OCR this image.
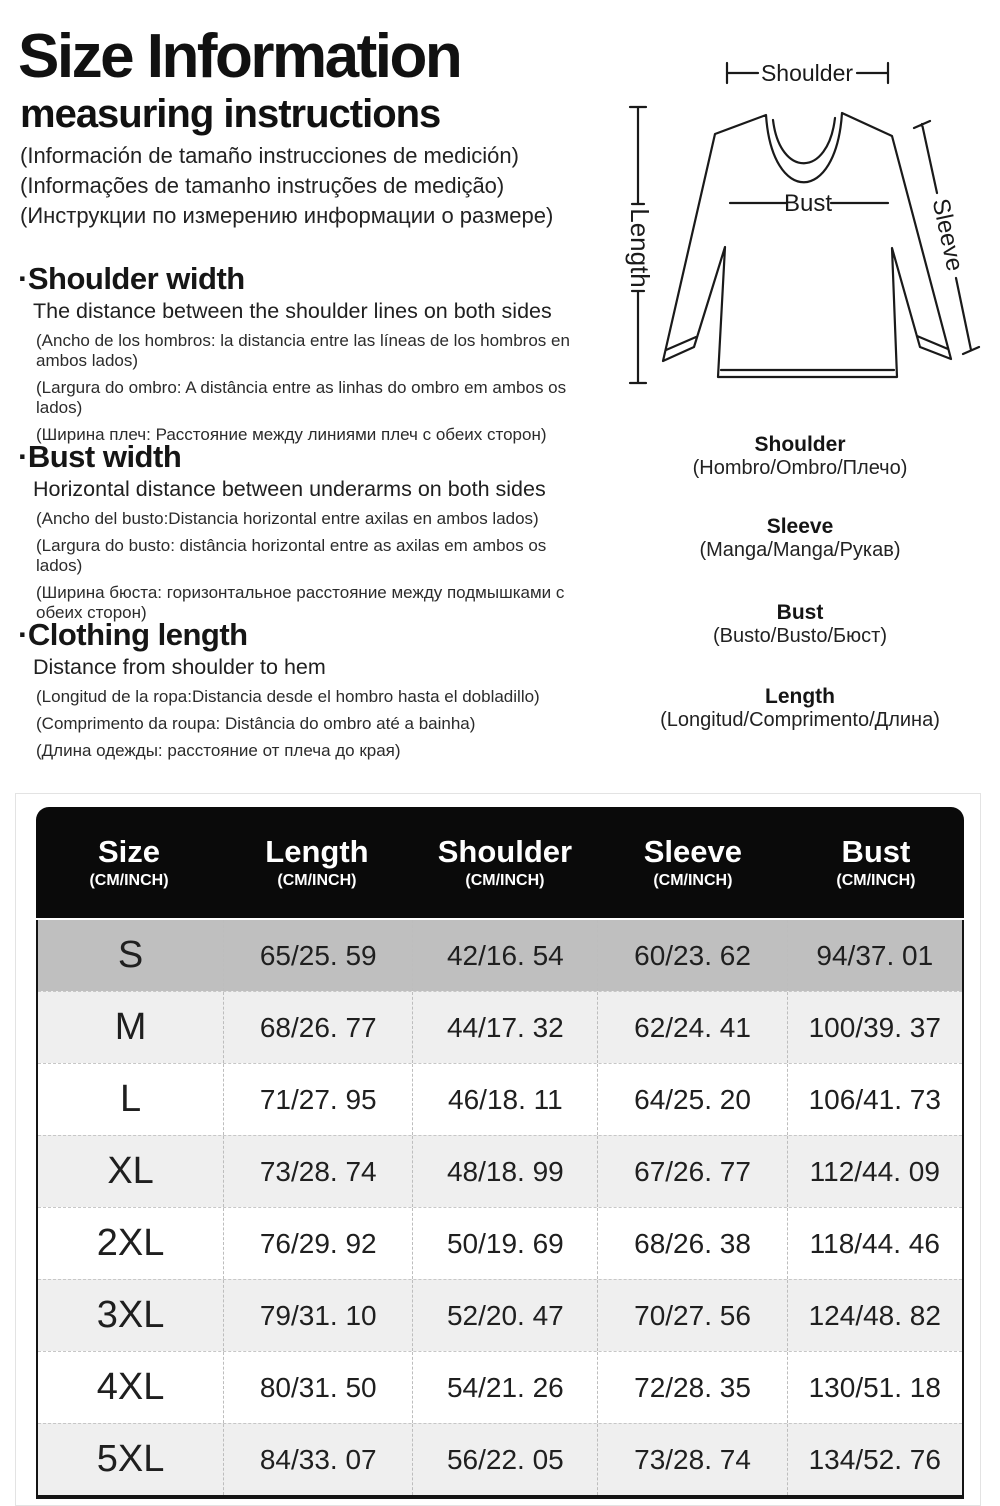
Size Information
measuring instructions

(Información de tamaño instrucciones de medición)

(Informações de tamanho instruções de medição)

(Инструкции по измерению информации о размере)

·Shoulder width
The distance between the shoulder lines on both sides
(Ancho de los hombros: la distancia entre las líneas de los hombros en ambos lados)
(Largura do ombro: A distância entre as linhas do ombro em ambos os lados)
(Ширина плеч: Расстояние между линиями плеч с обеих сторон)
·Bust width
Horizontal distance between underarms on both sides
(Ancho del busto:Distancia horizontal entre axilas en ambos lados)
(Largura do busto: distância horizontal entre as axilas em ambos os lados)
(Ширина бюста: горизонтальное расстояние между подмышками с обеих сторон)
·Clothing length
Distance from shoulder to hem
(Longitud de la ropa:Distancia desde el hombro hasta el dobladillo)
(Comprimento da roupa: Distância do ombro até a bainha)
(Длина одежды: расстояние от плеча до края)
Shoulder
Bust
Length	Sleeve
Shoulder
(Hombro/Ombro/Плечо)
Sleeve
(Manga/Manga/Рукав)
Bust
(Busto/Busto/Бюст)
Length
(Longitud/Comprimento/Длина)
Size
(CM/INCH)
Length
(CM/INCH)
Shoulder
(CM/INCH)
Sleeve
(CM/INCH)
Bust
(CM/INCH)
S	65/25. 59	42/16. 54	60/23. 62	94/37. 01
M	68/26. 77	44/17. 32	62/24. 41	100/39. 37
L	71/27. 95	46/18. 11	64/25. 20	106/41. 73
XL	73/28. 74	48/18. 99	67/26. 77	112/44. 09
2XL	76/29. 92	50/19. 69	68/26. 38	118/44. 46
3XL	79/31. 10	52/20. 47	70/27. 56	124/48. 82
4XL	80/31. 50	54/21. 26	72/28. 35	130/51. 18
5XL	84/33. 07	56/22. 05	73/28. 74	134/52. 76
